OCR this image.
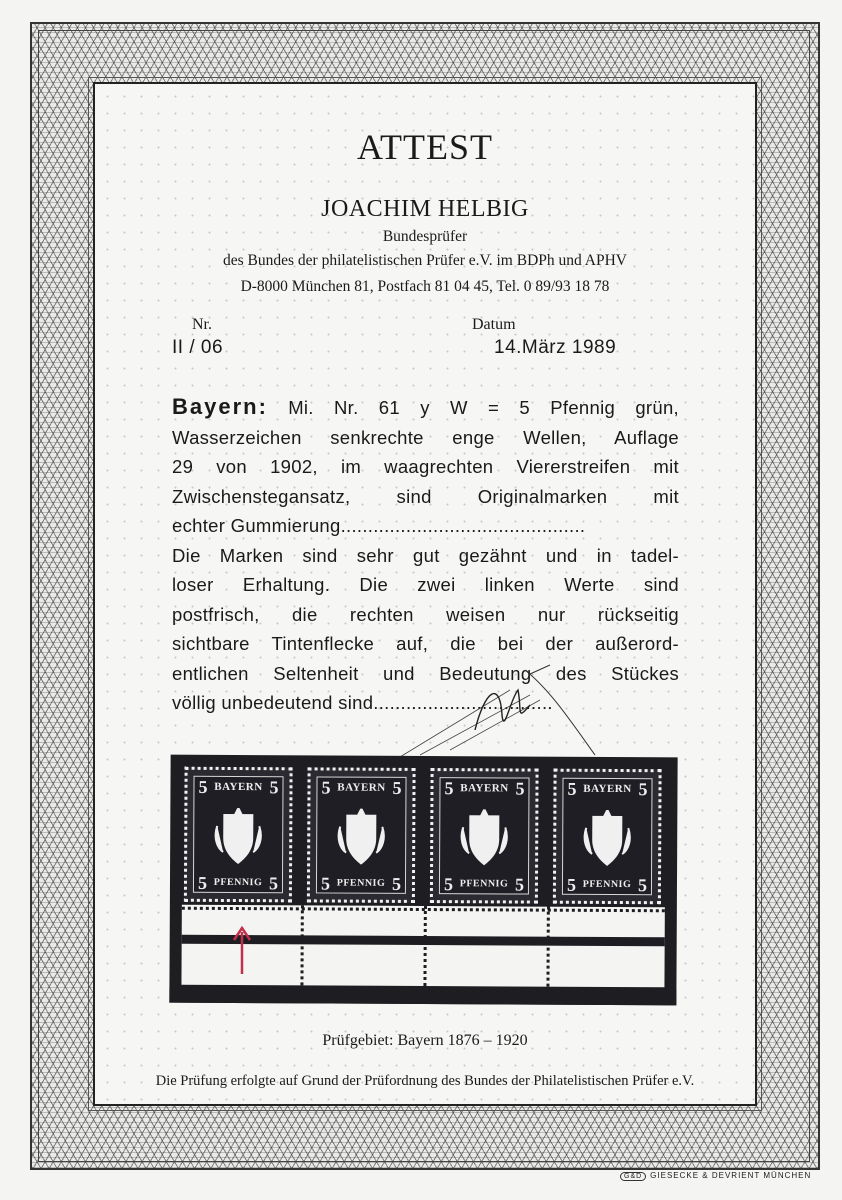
ATTEST
JOACHIM HELBIG
Bundesprüfer
des Bundes der philatelistischen Prüfer e.V. im BDPh und APHV
D-8000 München 81, Postfach 81 04 45, Tel. 0 89/93 18 78
Nr.	Datum
II / 06	14.März 1989
Bayern: Mi. Nr. 61 y W = 5 Pfennig grün,
Wasserzeichen senkrechte enge Wellen, Auflage
29 von 1902, im waagrechten Viererstreifen mit
Zwischenstegansatz, sind Originalmarken mit
echter Gummierung.............................................
Die Marken sind sehr gut gezähnt und in tadel-
loser Erhaltung. Die zwei linken Werte sind
postfrisch, die rechten weisen nur rückseitig
sichtbare Tintenflecke auf, die bei der außerord-
entlichen Seltenheit und Bedeutung des Stückes
völlig unbedeutend sind.................................
5	5
BAYERN
PFENNIG
5	5
5	5
BAYERN
PFENNIG
5	5
5	5
BAYERN
PFENNIG
5	5
5	5
BAYERN
PFENNIG
5	5
Prüfgebiet: Bayern 1876 – 1920
Die Prüfung erfolgte auf Grund der Prüfordnung des Bundes der Philatelistischen Prüfer e.V.
G&D GIESECKE & DEVRIENT MÜNCHEN
